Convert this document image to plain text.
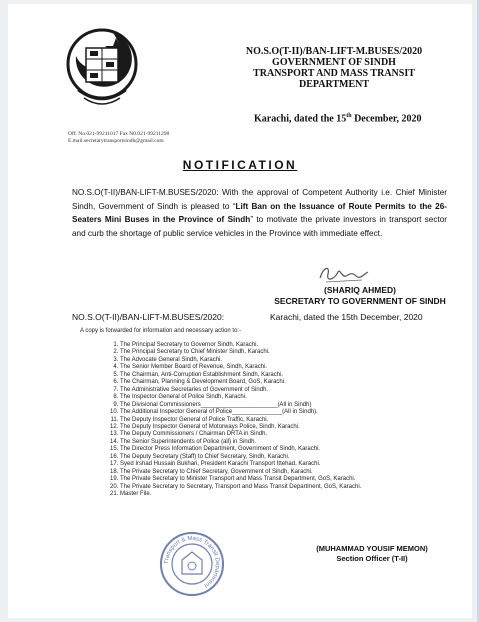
NO.S.O(T-II)/BAN-LIFT-M.BUSES/2020
GOVERNMENT OF SINDH
TRANSPORT AND MASS TRANSIT
DEPARTMENT
Karachi, dated the 15th December, 2020
Off. No.021-99211017 Fax N0.021-99211298
E.mail.secretarytransportsindh@gmail.com
NOTIFICATION
NO.S.O(T-II)/BAN-LIFT-M.BUSES/2020: With the approval of Competent Authority i.e. Chief Minister Sindh, Government of Sindh is pleased to “Lift Ban on the Issuance of Route Permits to the 26-Seaters Mini Buses in the Province of Sindh” to motivate the private investors in transport sector and curb the shortage of public service vehicles in the Province with immediate effect.
(SHARIQ AHMED)
SECRETARY TO GOVERNMENT OF SINDH
NO.S.O(T-II)/BAN-LIFT-M.BUSES/2020:	Karachi, dated the 15th December, 2020
A copy is forwarded for information and necessary action to:-
1. The Principal Secretary to Governor Sindh, Karachi.
2. The Principal Secretary to Chief Minister Sindh, Karachi.
3. The Advocate General Sindh, Karachi.
4. The Senior Member Board of Revenue, Sindh, Karachi.
5. The Chairman, Anti-Corruption Establishment Sindh, Karachi.
6. The Chairman, Planning & Development Board, GoS, Karachi.
7. The Administrative Secretaries of Government of Sindh.
8. The Inspector General of Police Sindh, Karachi.
9. The Divisional Commissioners_______________________(All in Sindh)
10. The Additional Inspector General of Police_______________(All in Sindh).
11. The Deputy Inspector General of Police Traffic, Karachi.
12. The Deputy Inspector General of Motorways Police, Sindh, Karachi.
13. The Deputy Commissioners / Chairman DRTA in Sindh.
14. The Senior Superintendents of Police (all) in Sindh.
15. The Director Press Information Department, Government of Sindh, Karachi.
16. The Deputy Secretary (Staff) to Chief Secretary, Sindh, Karachi.
17. Syed Irshad Hussain Bukhari, President Karachi Transport Ittehad, Karachi.
18. The Private Secretary to Chief Secretary, Government of Sindh, Karachi.
19. The Private Secretary to Minister Transport and Mass Transit Department, GoS, Karachi.
20. The Private Secretary to Secretary, Transport and Mass Transit Department, GoS, Karachi.
21. Master File.
Transport & Mass Transit Department
(MUHAMMAD YOUSIF MEMON)
Section Officer (T-II)
